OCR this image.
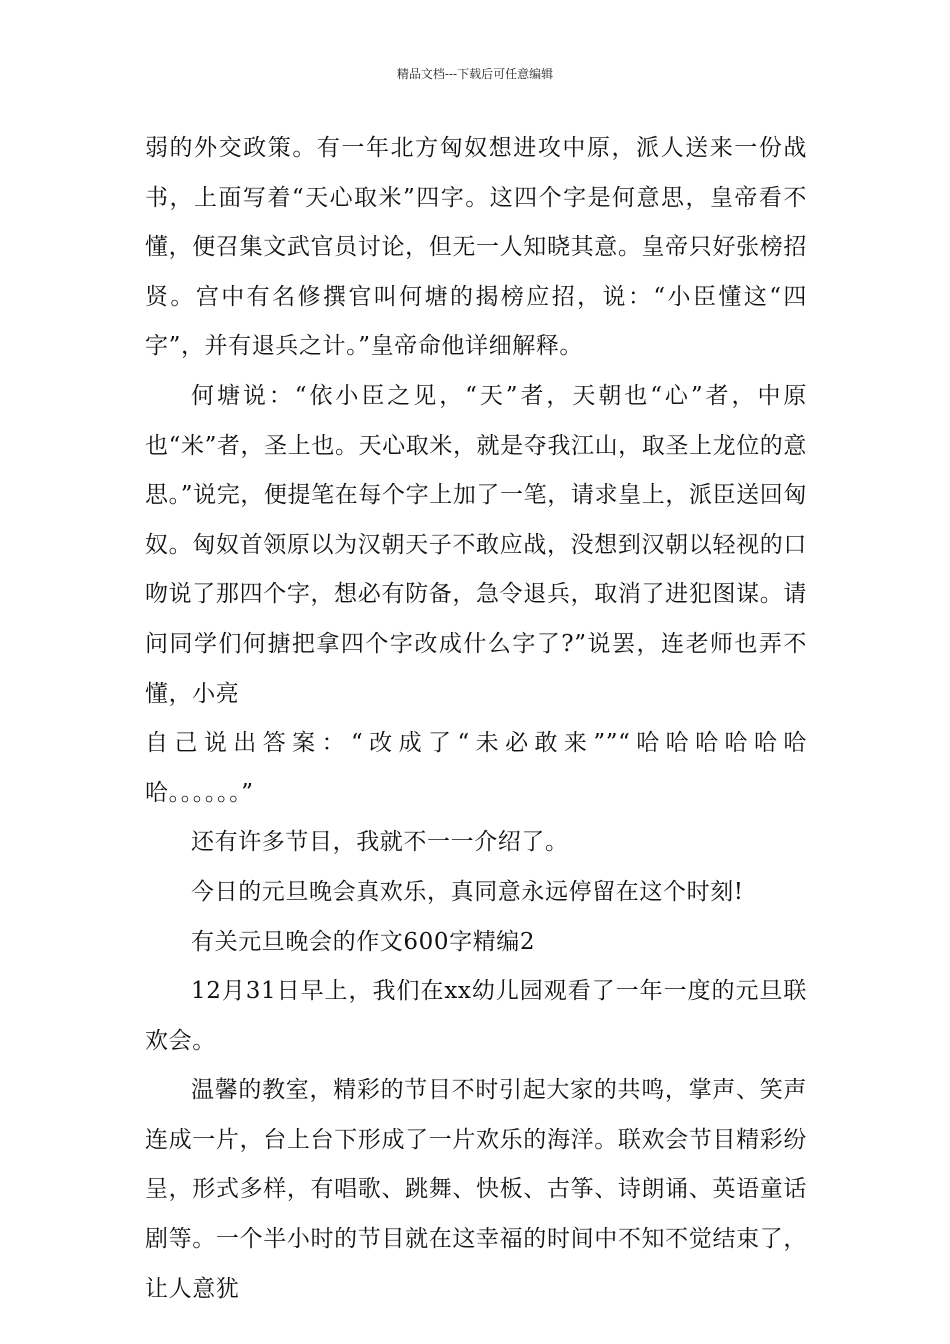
精品文档---下载后可任意编辑

弱的外交政策。有一年北方匈奴想进攻中原，派人送来一份战书，上面写着“天心取米”四字。这四个字是何意思，皇帝看不懂，便召集文武官员讨论，但无一人知晓其意。皇帝只好张榜招贤。宫中有名修撰官叫何塘的揭榜应招，说：“小臣懂这“四字”，并有退兵之计。”皇帝命他详细解释。

何塘说：“依小臣之见，“天”者，天朝也“心”者，中原也“米”者，圣上也。天心取米，就是夺我江山，取圣上龙位的意思。”说完，便提笔在每个字上加了一笔，请求皇上，派臣送回匈奴。匈奴首领原以为汉朝天子不敢应战，没想到汉朝以轻视的口吻说了那四个字，想必有防备，急令退兵，取消了进犯图谋。请问同学们何搪把拿四个字改成什么字了?”说罢，连老师也弄不懂，小亮

自己说出答案：“改成了“未必敢来””“哈哈哈哈哈哈

哈。。。。。。”

还有许多节目，我就不一一介绍了。

今日的元旦晚会真欢乐，真同意永远停留在这个时刻!

有关元旦晚会的作文600字精编2

12月31日早上，我们在xx幼儿园观看了一年一度的元旦联欢会。

温馨的教室，精彩的节目不时引起大家的共鸣，掌声、笑声连成一片，台上台下形成了一片欢乐的海洋。联欢会节目精彩纷呈，形式多样，有唱歌、跳舞、快板、古筝、诗朗诵、英语童话剧等。一个半小时的节目就在这幸福的时间中不知不觉结束了，让人意犹
